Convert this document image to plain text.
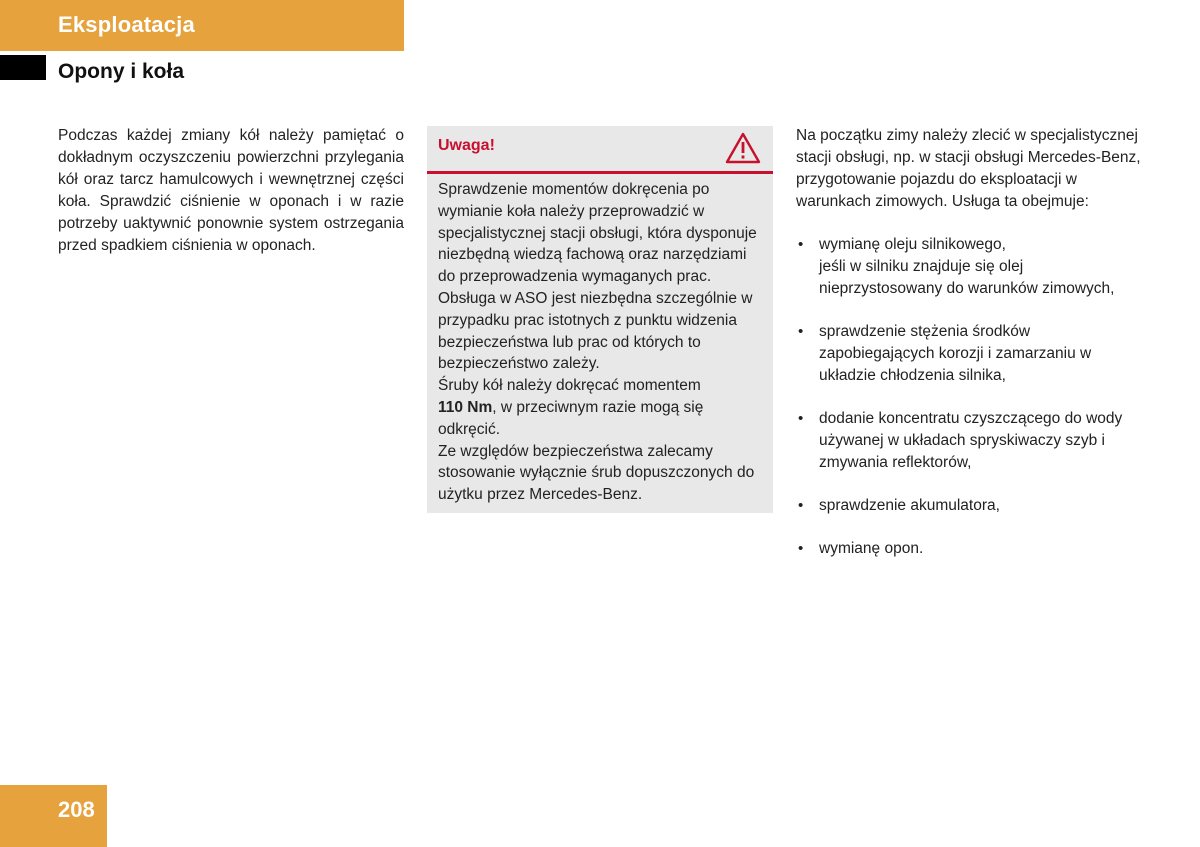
Eksploatacja
Opony i koła
Podczas każdej zmiany kół należy pamiętać o dokładnym oczyszczeniu powierzchni przylegania kół oraz tarcz hamulcowych i wewnętrznej części koła. Sprawdzić ciśnienie w oponach i w razie potrzeby uaktywnić ponownie system ostrzegania przed spadkiem ciśnienia w oponach.
Uwaga!

Sprawdzenie momentów dokręcenia po wymianie koła należy przeprowadzić w specjalistycznej stacji obsługi, która dysponuje niezbędną wiedzą fachową oraz narzędziami do przeprowadzenia wymaganych prac.

Obsługa w ASO jest niezbędna szczególnie w przypadku prac istotnych z punktu widzenia bezpieczeństwa lub prac od których to bezpieczeństwo zależy.

Śruby kół należy dokręcać momentem
110 Nm, w przeciwnym razie mogą się odkręcić.

Ze względów bezpieczeństwa zalecamy stosowanie wyłącznie śrub dopuszczonych do użytku przez Mercedes-Benz.

Na początku zimy należy zlecić w specjalistycznej stacji obsługi, np. w stacji obsługi Mercedes-Benz, przygotowanie pojazdu do eksploatacji w warunkach zimowych. Usługa ta obejmuje:

• wymianę oleju silnikowego,
jeśli w silniku znajduje się olej nieprzystosowany do warunków zimowych,
• sprawdzenie stężenia środków zapobiegających korozji i zamarzaniu w układzie chłodzenia silnika,
• dodanie koncentratu czyszczącego do wody używanej w układach spryskiwaczy szyb i zmywania reflektorów,
• sprawdzenie akumulatora,
• wymianę opon.
208
